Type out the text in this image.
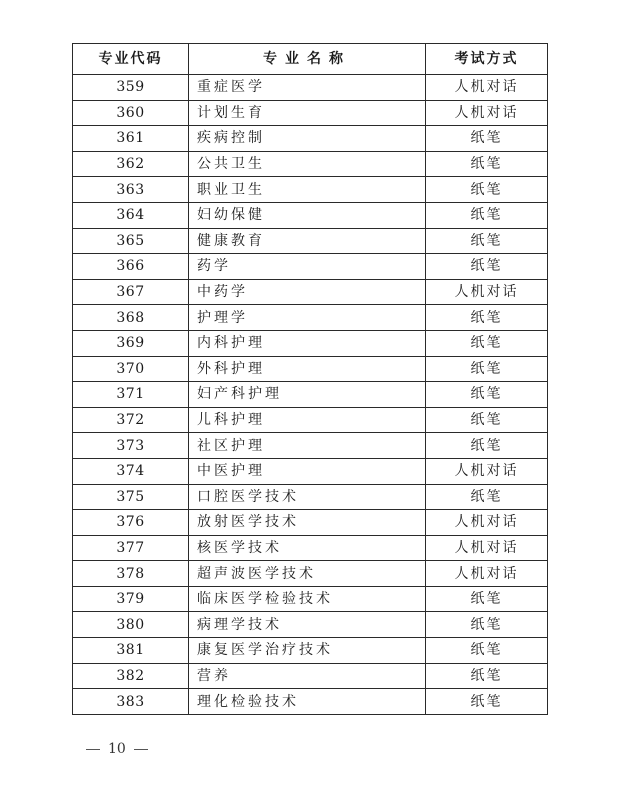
专业代码	专业名称	考试方式
359	重症医学	人机对话
360	计划生育	人机对话
361	疾病控制	纸笔
362	公共卫生	纸笔
363	职业卫生	纸笔
364	妇幼保健	纸笔
365	健康教育	纸笔
366	药学	纸笔
367	中药学	人机对话
368	护理学	纸笔
369	内科护理	纸笔
370	外科护理	纸笔
371	妇产科护理	纸笔
372	儿科护理	纸笔
373	社区护理	纸笔
374	中医护理	人机对话
375	口腔医学技术	纸笔
376	放射医学技术	人机对话
377	核医学技术	人机对话
378	超声波医学技术	人机对话
379	临床医学检验技术	纸笔
380	病理学技术	纸笔
381	康复医学治疗技术	纸笔
382	营养	纸笔
383	理化检验技术	纸笔
10
